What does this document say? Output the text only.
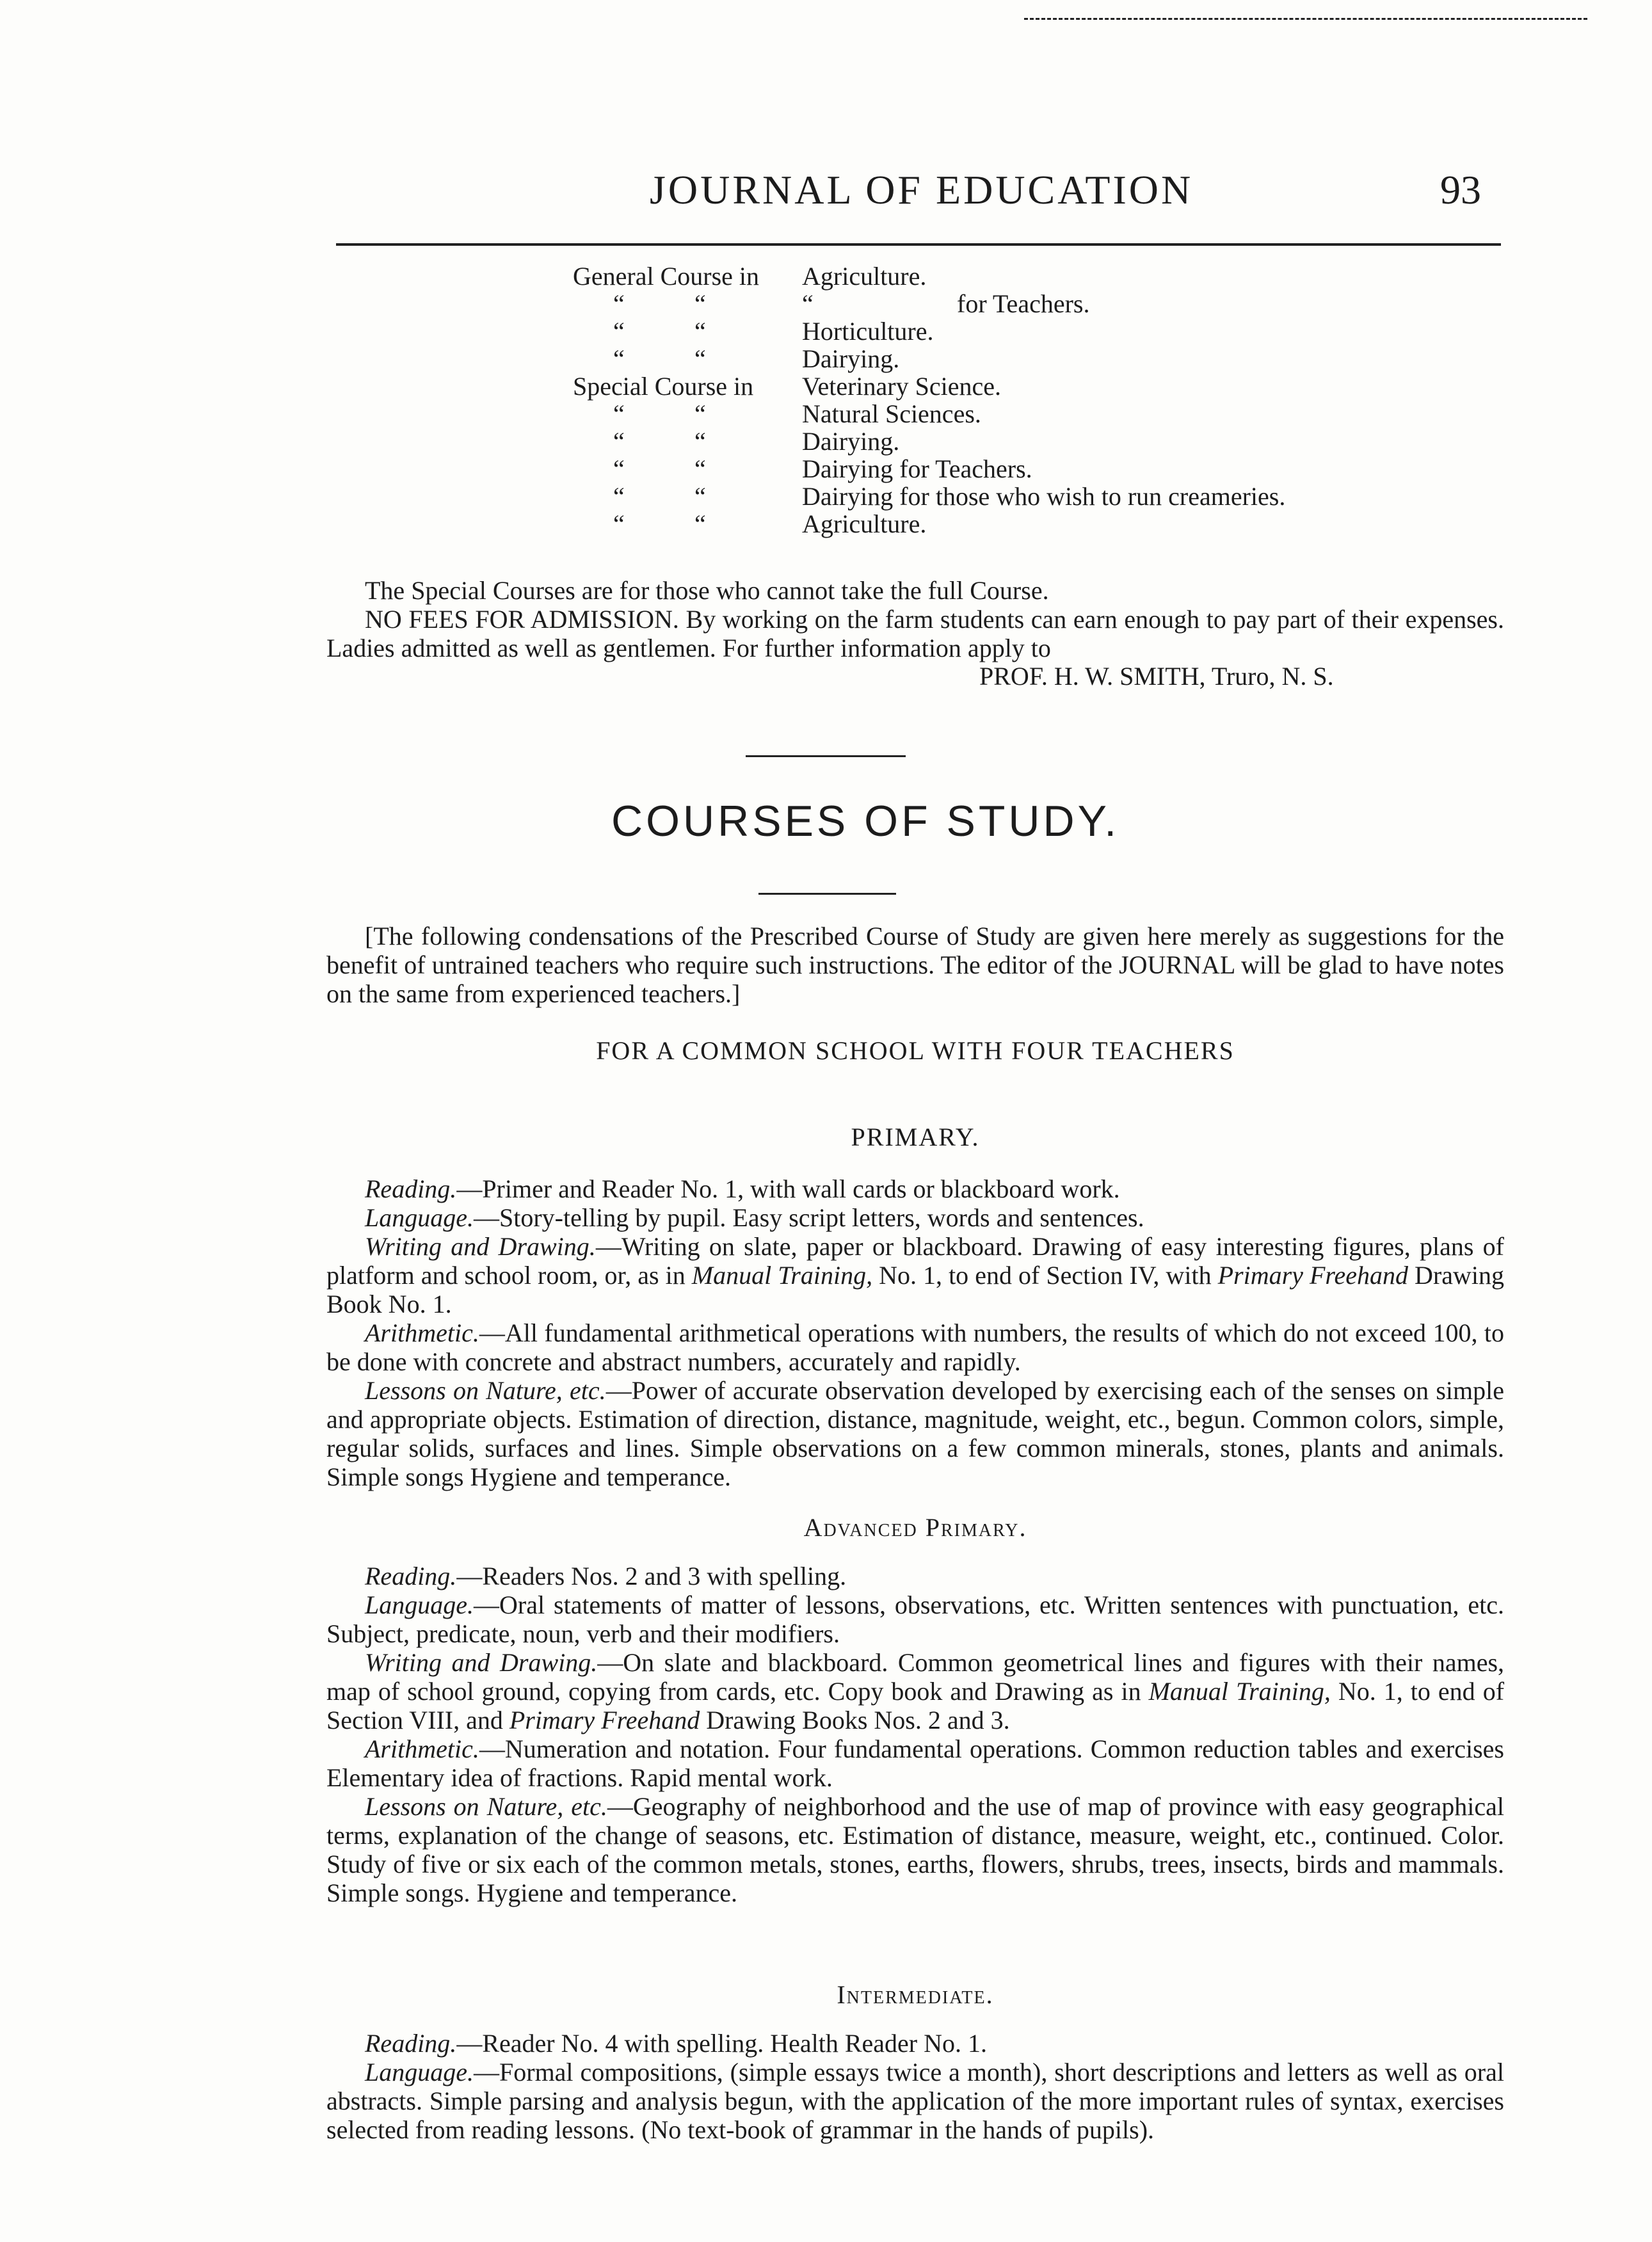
JOURNAL OF EDUCATION	93
General Course in Agriculture.
“	“	“	for Teachers.
“	“	Horticulture.
“	“	Dairying.
Special Course in Veterinary Science.
“	“	Natural Sciences.
“	“	Dairying.
“	“	Dairying for Teachers.
“	“	Dairying for those who wish to run creameries.
“	“	Agriculture.

The Special Courses are for those who cannot take the full Course.

NO FEES FOR ADMISSION. By working on the farm students can earn enough to pay part of their expenses. Ladies admitted as well as gentlemen. For further information apply to

PROF. H. W. SMITH, Truro, N. S.
COURSES OF STUDY.

[The following condensations of the Prescribed Course of Study are given here merely as suggestions for the benefit of untrained teachers who require such instructions. The editor of the JOURNAL will be glad to have notes on the same from experienced teachers.]

FOR A COMMON SCHOOL WITH FOUR TEACHERS
PRIMARY.

Reading.—Primer and Reader No. 1, with wall cards or blackboard work.

Language.—Story-telling by pupil. Easy script letters, words and sentences.

Writing and Drawing.—Writing on slate, paper or blackboard. Drawing of easy interesting figures, plans of platform and school room, or, as in Manual Training, No. 1, to end of Section IV, with Primary Freehand Drawing Book No. 1.

Arithmetic.—All fundamental arithmetical operations with numbers, the results of which do not exceed 100, to be done with concrete and abstract numbers, accurately and rapidly.

Lessons on Nature, etc.—Power of accurate observation developed by exercising each of the senses on simple and appropriate objects. Estimation of direction, distance, magnitude, weight, etc., begun. Common colors, simple, regular solids, surfaces and lines. Simple observations on a few common minerals, stones, plants and animals. Simple songs Hygiene and temperance.

Advanced Primary.

Reading.—Readers Nos. 2 and 3 with spelling.

Language.—Oral statements of matter of lessons, observations, etc. Written sentences with punctuation, etc. Subject, predicate, noun, verb and their modifiers.

Writing and Drawing.—On slate and blackboard. Common geometrical lines and figures with their names, map of school ground, copying from cards, etc. Copy book and Drawing as in Manual Training, No. 1, to end of Section VIII, and Primary Freehand Drawing Books Nos. 2 and 3.

Arithmetic.—Numeration and notation. Four fundamental operations. Common reduction tables and exercises Elementary idea of fractions. Rapid mental work.

Lessons on Nature, etc.—Geography of neighborhood and the use of map of province with easy geographical terms, explanation of the change of seasons, etc. Estimation of distance, measure, weight, etc., continued. Color. Study of five or six each of the common metals, stones, earths, flowers, shrubs, trees, insects, birds and mammals. Simple songs. Hygiene and temperance.

Intermediate.

Reading.—Reader No. 4 with spelling. Health Reader No. 1.

Language.—Formal compositions, (simple essays twice a month), short descriptions and letters as well as oral abstracts. Simple parsing and analysis begun, with the application of the more important rules of syntax, exercises selected from reading lessons. (No text-book of grammar in the hands of pupils).
